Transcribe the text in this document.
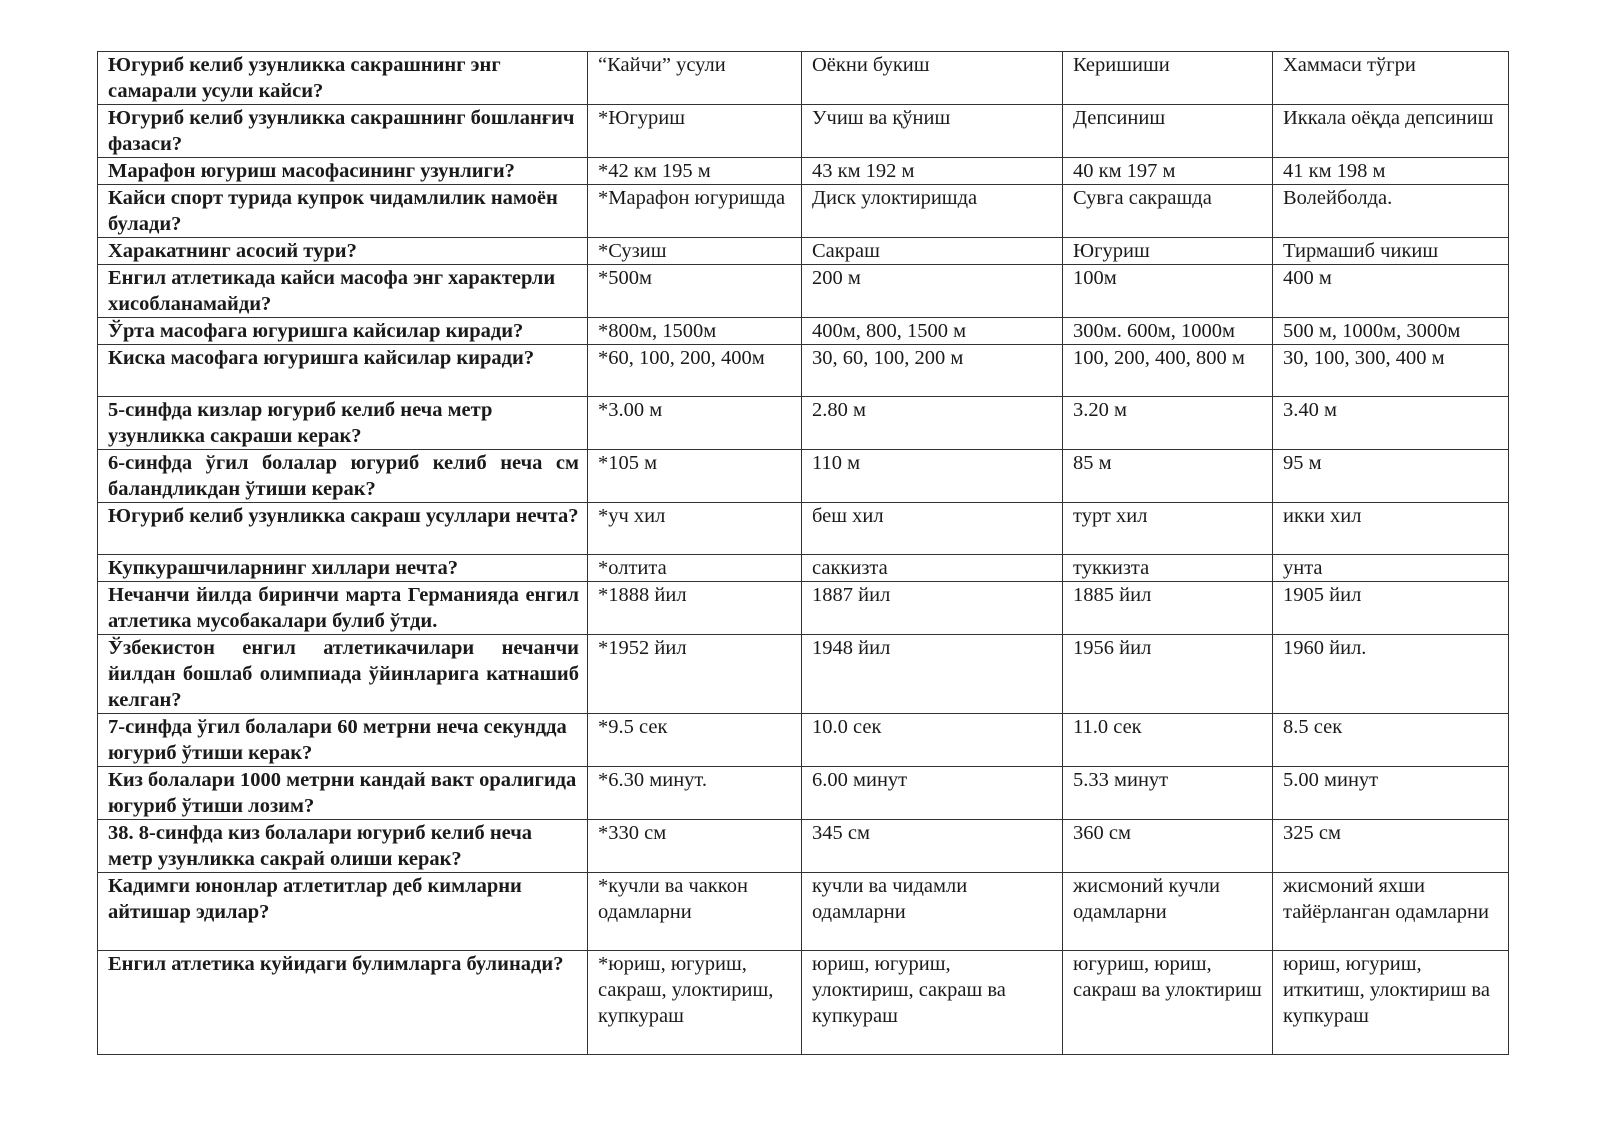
Югуриб келиб узунликка сакрашнинг энг самарали усули кайси?	“Кайчи” усули	Оёкни букиш	Керишиши	Хаммаси тўгри
Югуриб келиб узунликка сакрашнинг бошланғич фазаси?	*Югуриш	Учиш ва қўниш	Депсиниш	Иккала оёқда депсиниш
Марафон югуриш масофасининг узунлиги?	*42 км 195 м	43 км 192 м	40 км 197 м	41 км 198 м
Кайси спорт турида купрок чидамлилик намоён булади?	*Марафон югуришда	Диск улоктиришда	Сувга сакрашда	Волейболда.
Харакатнинг асосий тури?	*Сузиш	Сакраш	Югуриш	Тирмашиб чикиш
Енгил атлетикада кайси масофа энг характерли хисобланамайди?	*500м	200 м	100м	400 м
Ўрта масофага югуришга кайсилар киради?	*800м, 1500м	400м, 800, 1500 м	300м. 600м, 1000м	500 м, 1000м, 3000м
Киска масофага югуришга кайсилар киради?	*60, 100, 200, 400м	30, 60, 100, 200 м	100, 200, 400, 800 м	30, 100, 300, 400 м
5-синфда кизлар югуриб келиб неча метр узунликка сакраши керак?	*3.00 м	2.80 м	3.20 м	3.40 м
6-синфда ўгил болалар югуриб келиб неча см баландликдан ўтиши керак?	*105 м	110 м	85 м	95 м
Югуриб келиб узунликка сакраш усуллари нечта?	*уч хил	беш хил	турт хил	икки хил
Купкурашчиларнинг хиллари нечта?	*олтита	саккизта	туккизта	унта
Нечанчи йилда биринчи марта Германияда енгил атлетика мусобакалари булиб ўтди.	*1888 йил	1887 йил	1885 йил	1905 йил
Ўзбекистон енгил атлетикачилари нечанчи йилдан бошлаб олимпиада ўйинларига катнашиб келган?	*1952 йил	1948 йил	1956 йил	1960 йил.
7-синфда ўгил болалари 60 метрни неча секундда югуриб ўтиши керак?	*9.5 сек	10.0 сек	11.0 сек	8.5 сек
Киз болалари 1000 метрни кандай вакт оралигида югуриб ўтиши лозим?	*6.30 минут.	6.00 минут	5.33 минут	5.00 минут
38. 8-синфда киз болалари югуриб келиб неча метр узунликка сакрай олиши керак?	*330 см	345 см	360 см	325 см
Кадимги юнонлар атлетитлар деб кимларни айтишар эдилар?	*кучли ва чаккон одамларни	кучли ва чидамли одамларни	жисмоний кучли одамларни	жисмоний яхши тайёрланган одамларни
Енгил атлетика куйидаги булимларга булинади?	*юриш, югуриш, сакраш, улоктириш, купкураш	юриш, югуриш, улоктириш, сакраш ва купкураш	югуриш, юриш, сакраш ва улоктириш	юриш, югуриш, иткитиш, улоктириш ва купкураш
